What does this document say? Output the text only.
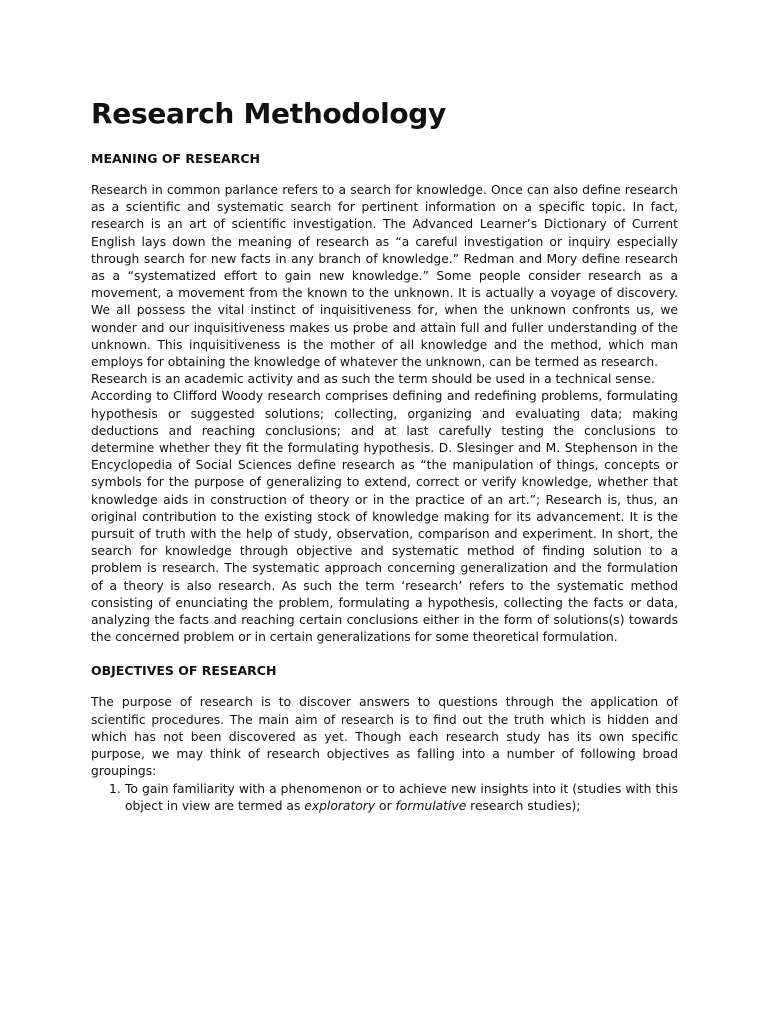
Research Methodology
MEANING OF RESEARCH

Research in common parlance refers to a search for knowledge. Once can also define research as a scientific and systematic search for pertinent information on a specific topic. In fact, research is an art of scientific investigation. The Advanced Learner’s Dictionary of Current English lays down the meaning of research as “a careful investigation or inquiry especially through search for new facts in any branch of knowledge.” Redman and Mory define research as a “systematized effort to gain new knowledge.” Some people consider research as a movement, a movement from the known to the unknown. It is actually a voyage of discovery. We all possess the vital instinct of inquisitiveness for, when the unknown confronts us, we wonder and our inquisitiveness makes us probe and attain full and fuller understanding of the unknown. This inquisitiveness is the mother of all knowledge and the method, which man employs for obtaining the knowledge of whatever the unknown, can be termed as research.

Research is an academic activity and as such the term should be used in a technical sense.

According to Clifford Woody research comprises defining and redefining problems, formulating hypothesis or suggested solutions; collecting, organizing and evaluating data; making deductions and reaching conclusions; and at last carefully testing the conclusions to determine whether they fit the formulating hypothesis. D. Slesinger and M. Stephenson in the Encyclopedia of Social Sciences define research as “the manipulation of things, concepts or symbols for the purpose of generalizing to extend, correct or verify knowledge, whether that knowledge aids in construction of theory or in the practice of an art.”; Research is, thus, an original contribution to the existing stock of knowledge making for its advancement. It is the pursuit of truth with the help of study, observation, comparison and experiment. In short, the search for knowledge through objective and systematic method of finding solution to a problem is research. The systematic approach concerning generalization and the formulation of a theory is also research. As such the term ‘research’ refers to the systematic method consisting of enunciating the problem, formulating a hypothesis, collecting the facts or data, analyzing the facts and reaching certain conclusions either in the form of solutions(s) towards the concerned problem or in certain generalizations for some theoretical formulation.

OBJECTIVES OF RESEARCH

The purpose of research is to discover answers to questions through the application of scientific procedures. The main aim of research is to find out the truth which is hidden and which has not been discovered as yet. Though each research study has its own specific purpose, we may think of research objectives as falling into a number of following broad groupings:

1. To gain familiarity with a phenomenon or to achieve new insights into it (studies with this object in view are termed as exploratory or formulative research studies);
